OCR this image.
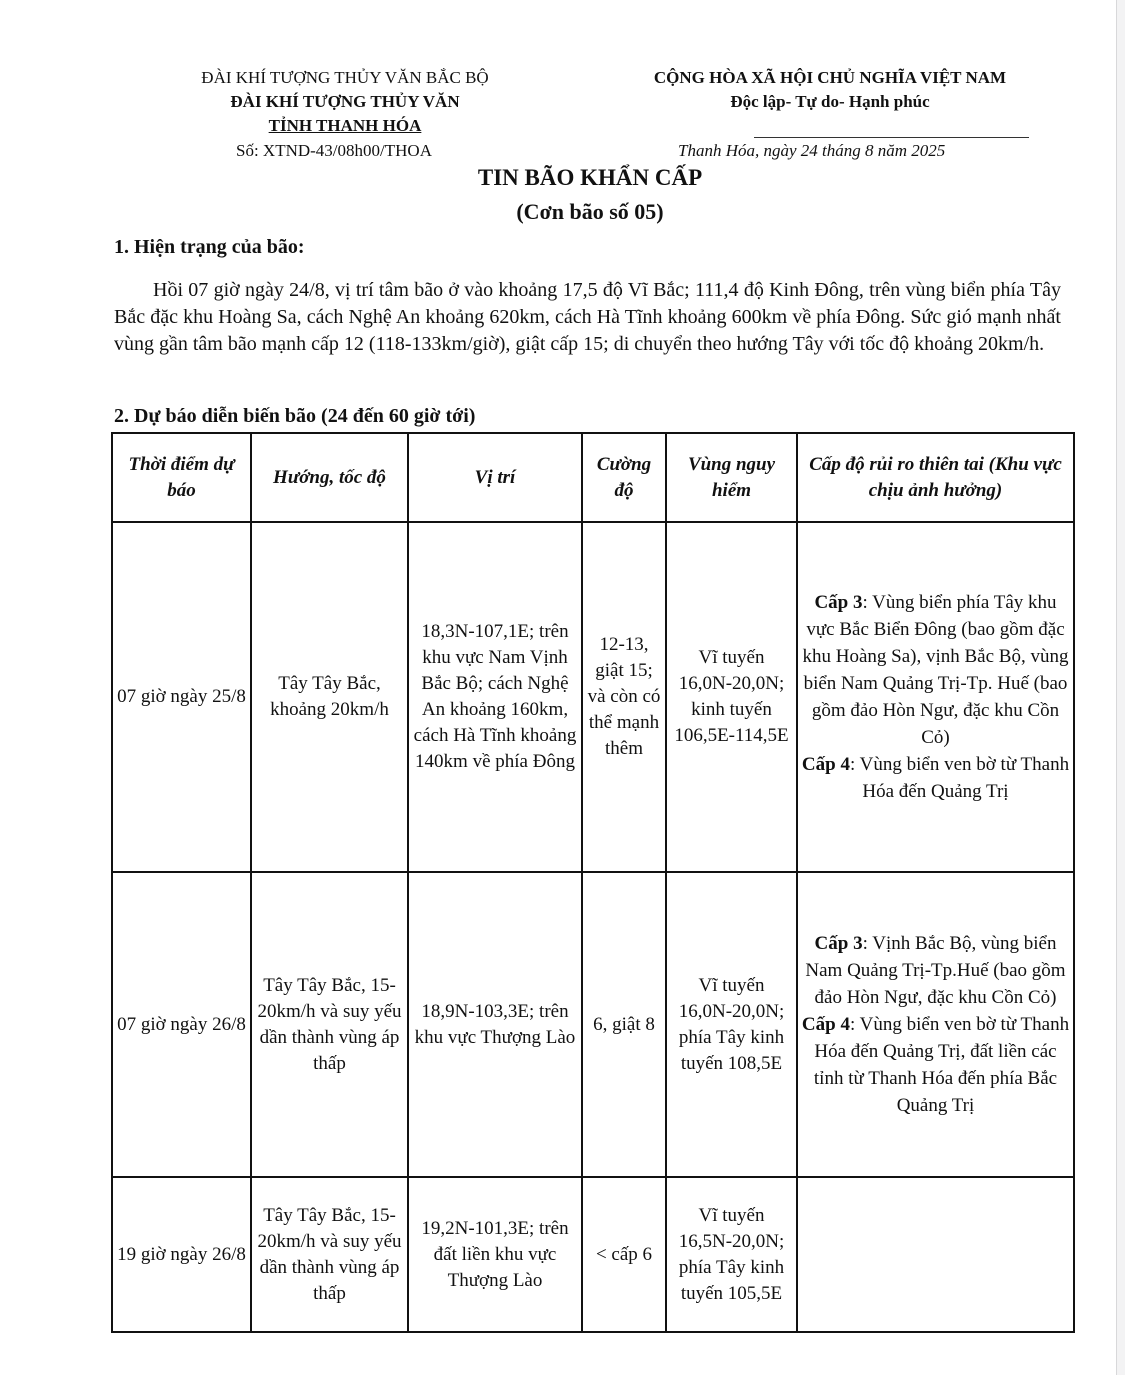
ĐÀI KHÍ TƯỢNG THỦY VĂN BẮC BỘ
ĐÀI KHÍ TƯỢNG THỦY VĂN
TỈNH THANH HÓA
CỘNG HÒA XÃ HỘI CHỦ NGHĨA VIỆT NAM
Độc lập- Tự do- Hạnh phúc
Số: XTND-43/08h00/THOA	Thanh Hóa, ngày 24 tháng 8 năm 2025
TIN BÃO KHẨN CẤP
(Cơn bão số 05)
1. Hiện trạng của bão:
Hồi 07 giờ ngày 24/8, vị trí tâm bão ở vào khoảng 17,5 độ Vĩ Bắc; 111,4 độ Kinh Đông, trên vùng biển phía Tây Bắc đặc khu Hoàng Sa, cách Nghệ An khoảng 620km, cách Hà Tĩnh khoảng 600km về phía Đông. Sức gió mạnh nhất vùng gần tâm bão mạnh cấp 12 (118-133km/giờ), giật cấp 15; di chuyển theo hướng Tây với tốc độ khoảng 20km/h.
2. Dự báo diễn biến bão (24 đến 60 giờ tới)
Thời điểm dự báo	Hướng, tốc độ	Vị trí	Cường độ	Vùng nguy hiểm	Cấp độ rủi ro thiên tai (Khu vực chịu ảnh hưởng)
07 giờ ngày 25/8	Tây Tây Bắc, khoảng 20km/h	18,3N-107,1E; trên khu vực Nam Vịnh Bắc Bộ; cách Nghệ An khoảng 160km, cách Hà Tĩnh khoảng 140km về phía Đông	12-13, giật 15; và còn có thể mạnh thêm	Vĩ tuyến 16,0N-20,0N; kinh tuyến 106,5E-114,5E	Cấp 3: Vùng biển phía Tây khu vực Bắc Biển Đông (bao gồm đặc khu Hoàng Sa), vịnh Bắc Bộ, vùng biển Nam Quảng Trị-Tp. Huế (bao gồm đảo Hòn Ngư, đặc khu Cồn Cỏ)
Cấp 4: Vùng biển ven bờ từ Thanh Hóa đến Quảng Trị

07 giờ ngày 26/8	Tây Tây Bắc, 15-20km/h và suy yếu dần thành vùng áp thấp	18,9N-103,3E; trên khu vực Thượng Lào	6, giật 8	Vĩ tuyến 16,0N-20,0N; phía Tây kinh tuyến 108,5E	Cấp 3: Vịnh Bắc Bộ, vùng biển Nam Quảng Trị-Tp.Huế (bao gồm đảo Hòn Ngư, đặc khu Cồn Cỏ)
Cấp 4: Vùng biển ven bờ từ Thanh Hóa đến Quảng Trị, đất liền các tỉnh từ Thanh Hóa đến phía Bắc Quảng Trị

19 giờ ngày 26/8	Tây Tây Bắc, 15-20km/h và suy yếu dần thành vùng áp thấp	19,2N-101,3E; trên đất liền khu vực Thượng Lào	< cấp 6	Vĩ tuyến 16,5N-20,0N; phía Tây kinh tuyến 105,5E	
